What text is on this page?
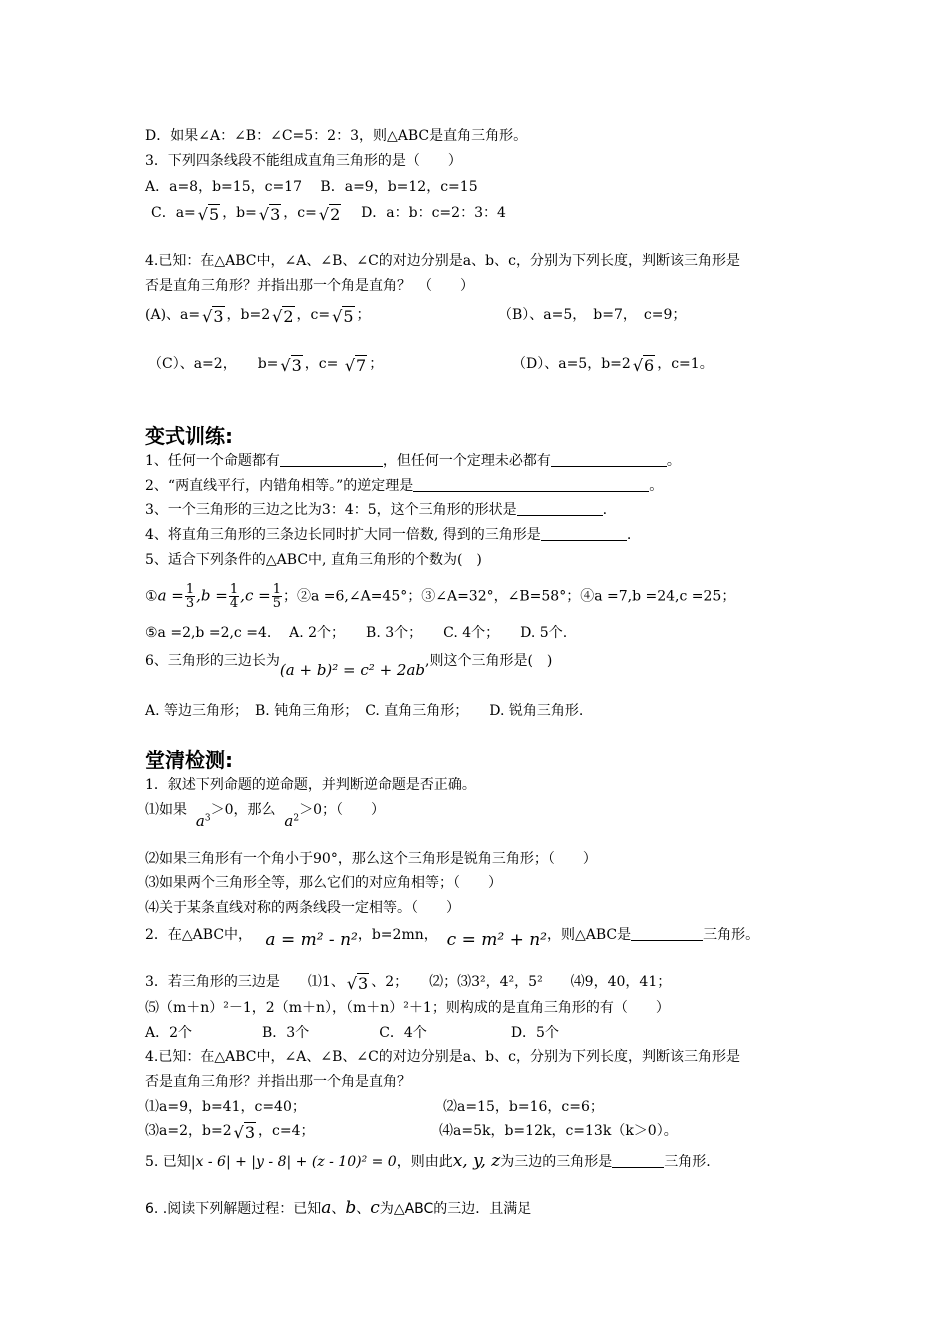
D．如果∠A：∠B：∠C=5：2：3，则△ABC是直角三角形。
3．下列四条线段不能组成直角三角形的是（　　）
A．a=8，b=15，c=17　 B．a=9，b=12，c=15
C．a= √5 ，b= √3 ，c= √2 D．a：b：c=2：3：4
4.已知：在△ABC中，∠A、∠B、∠C的对边分别是a、b、c，分别为下列长度，判断该三角形是
否是直角三角形？并指出那一个角是直角？　（　　）
(A)、a= √3 ，b=2 √2 ，c= √5 ；	（B）、a=5，　b=7，　c=9；
（C）、a=2，　　b= √3 ，c= √7 ；	（D）、a=5，b=2 √6 ，c=1。
变式训练:
1、任何一个命题都有	，但任何一个定理未必都有	。
2、“两直线平行，内错角相等。”的逆定理是	。
3、一个三角形的三边之比为3：4：5，这个三角形的形状是	.
4、将直角三角形的三条边长同时扩大同一倍数, 得到的三角形是	.
5、适合下列条件的△ABC中, 直角三角形的个数为(　)
①a = $\frac{1}{3} ,b = \frac{1}{4} ,c = \frac{1}{5}$ ；②a =6,∠A=45°；③∠A=32°，∠B=58°；④a =7,b =24,c =25；
⑤a =2,b =2,c =4. A. 2个；　　B. 3个；　　C. 4个；　　D. 5个.
6、三角形的三边长为(a + b)² = c² + 2ab,则这个三角形是(　)
A. 等边三角形；　B. 钝角三角形；　C. 直角三角形；　　D. 锐角三角形.
堂清检测:
1．叙述下列命题的逆命题，并判断逆命题是否正确。
⑴如果  $a^3>0$，那么  $a^2>0$；（　　）
⑵如果三角形有一个角小于90°，那么这个三角形是锐角三角形；（　　）
⑶如果两个三角形全等，那么它们的对应角相等；（　　）
⑷关于某条直线对称的两条线段一定相等。（　　）
2．在△ABC中， a = m² - n²，b=2mn， c = m² + n²，则△ABC是	三角形。
3．若三角形的三边是　　⑴1、 √3 、2；　　⑵；⑶3²，4²，5²　　⑷9，40，41；
⑸（m＋n）²－1，2（m＋n），（m＋n）²＋1；则构成的是直角三角形的有（　　）
A．2个　　　　　B．3个　　　　　C．4个　　　　　　D．5个
4.已知：在△ABC中，∠A、∠B、∠C的对边分别是a、b、c，分别为下列长度，判断该三角形是
否是直角三角形？并指出那一个角是直角？
⑴a=9，b=41，c=40；	⑵a=15，b=16，c=6；
⑶a=2，b=2 √3 ，c=4；	⑷a=5k，b=12k，c=13k（k＞0）。
5. 已知|x - 6| + |y - 8| + (z - 10)² = 0，则由此x, y, z为三边的三角形是	三角形.
6. .阅读下列解题过程：已知a、b、c为△ABC的三边．且满足
